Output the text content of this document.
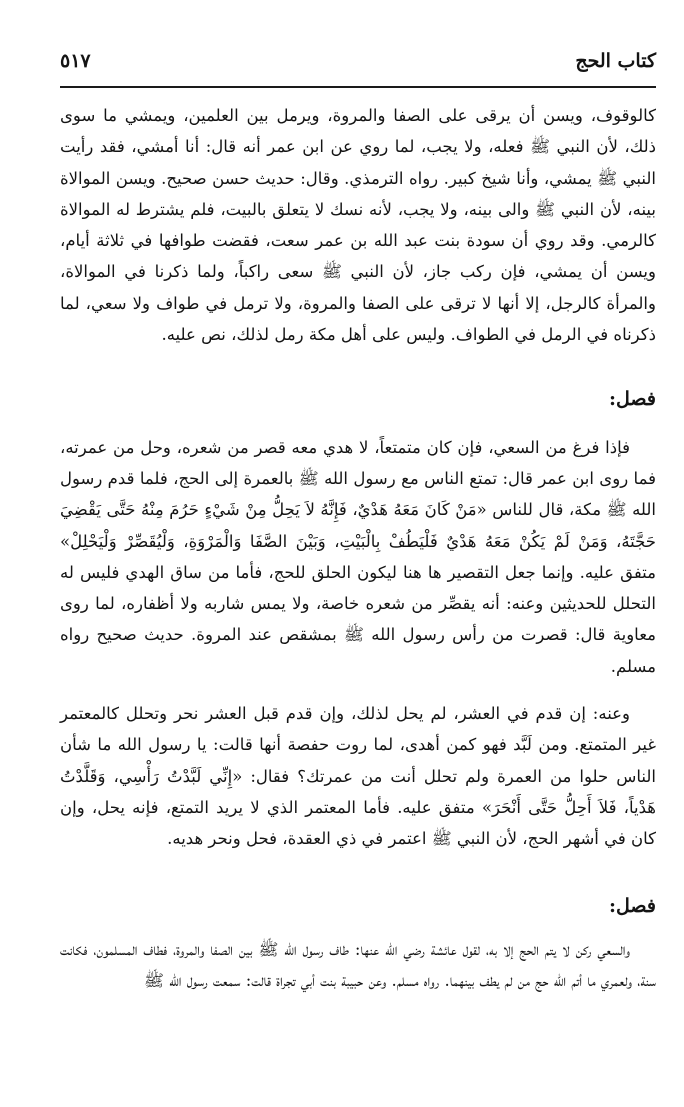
كتاب الحج
٥١٧

كالوقوف، ويسن أن يرقى على الصفا والمروة، ويرمل بين العلمين، ويمشي ما سوى ذلك، لأن النبي ﷺ فعله، ولا يجب، لما روي عن ابن عمر أنه قال: أنا أمشي، فقد رأيت النبي ﷺ يمشي، وأنا شيخ كبير. رواه الترمذي. وقال: حديث حسن صحيح. ويسن الموالاة بينه، لأن النبي ﷺ والى بينه، ولا يجب، لأنه نسك لا يتعلق بالبيت، فلم يشترط له الموالاة كالرمي. وقد روي أن سودة بنت عبد الله بن عمر سعت، فقضت طوافها في ثلاثة أيام، ويسن أن يمشي، فإن ركب جاز، لأن النبي ﷺ سعى راكباً، ولما ذكرنا في الموالاة، والمرأة كالرجل، إلا أنها لا ترقى على الصفا والمروة، ولا ترمل في طواف ولا سعي، لما ذكرناه في الرمل في الطواف. وليس على أهل مكة رمل لذلك، نص عليه.

فصل:

فإذا فرغ من السعي، فإن كان متمتعاً، لا هدي معه قصر من شعره، وحل من عمرته، فما روى ابن عمر قال: تمتع الناس مع رسول الله ﷺ بالعمرة إلى الحج، فلما قدم رسول الله ﷺ مكة، قال للناس «مَنْ كَانَ مَعَهُ هَدْيٌ، فَإِنَّهُ لاَ يَحِلُّ مِنْ شَيْءٍ حَرُمَ مِنْهُ حَتَّى يَقْضِيَ حَجَّتَهُ، وَمَنْ لَمْ يَكُنْ مَعَهُ هَدْيٌ فَلْيَطُفْ بِالْبَيْتِ، وَبَيْنَ الصَّفَا وَالْمَرْوَةِ، وَلْيُقَصِّرْ وَلْيَحْلِلْ» متفق عليه. وإنما جعل التقصير ها هنا ليكون الحلق للحج، فأما من ساق الهدي فليس له التحلل للحديثين وعنه: أنه يقصِّر من شعره خاصة، ولا يمس شاربه ولا أظفاره، لما روى معاوية قال: قصرت من رأس رسول الله ﷺ بمشقص عند المروة. حديث صحيح رواه مسلم.

وعنه: إن قدم في العشر، لم يحل لذلك، وإن قدم قبل العشر نحر وتحلل كالمعتمر غير المتمتع. ومن لَبَّد فهو كمن أهدى، لما روت حفصة أنها قالت: يا رسول الله ما شأن الناس حلوا من العمرة ولم تحلل أنت من عمرتك؟ فقال: «إِنِّي لَبَّدْتُ رَأْسِي، وَقَلَّدْتُ هَدْياً، فَلاَ أَحِلُّ حَتَّى أَنْحَرَ» متفق عليه. فأما المعتمر الذي لا يريد التمتع، فإنه يحل، وإن كان في أشهر الحج، لأن النبي ﷺ اعتمر في ذي العقدة، فحل ونحر هديه.

فصل:

والسعي ركن لا يتم الحج إلا به، لقول عائشة رضي الله عنها: طاف رسول الله ﷺ بين الصفا والمروة، فطاف المسلمون، فكانت سنة، ولعمري ما أتم الله حج من لم يطف بينهما. رواه مسلم. وعن حبيبة بنت أبي تجراة قالت: سمعت رسول الله ﷺ
